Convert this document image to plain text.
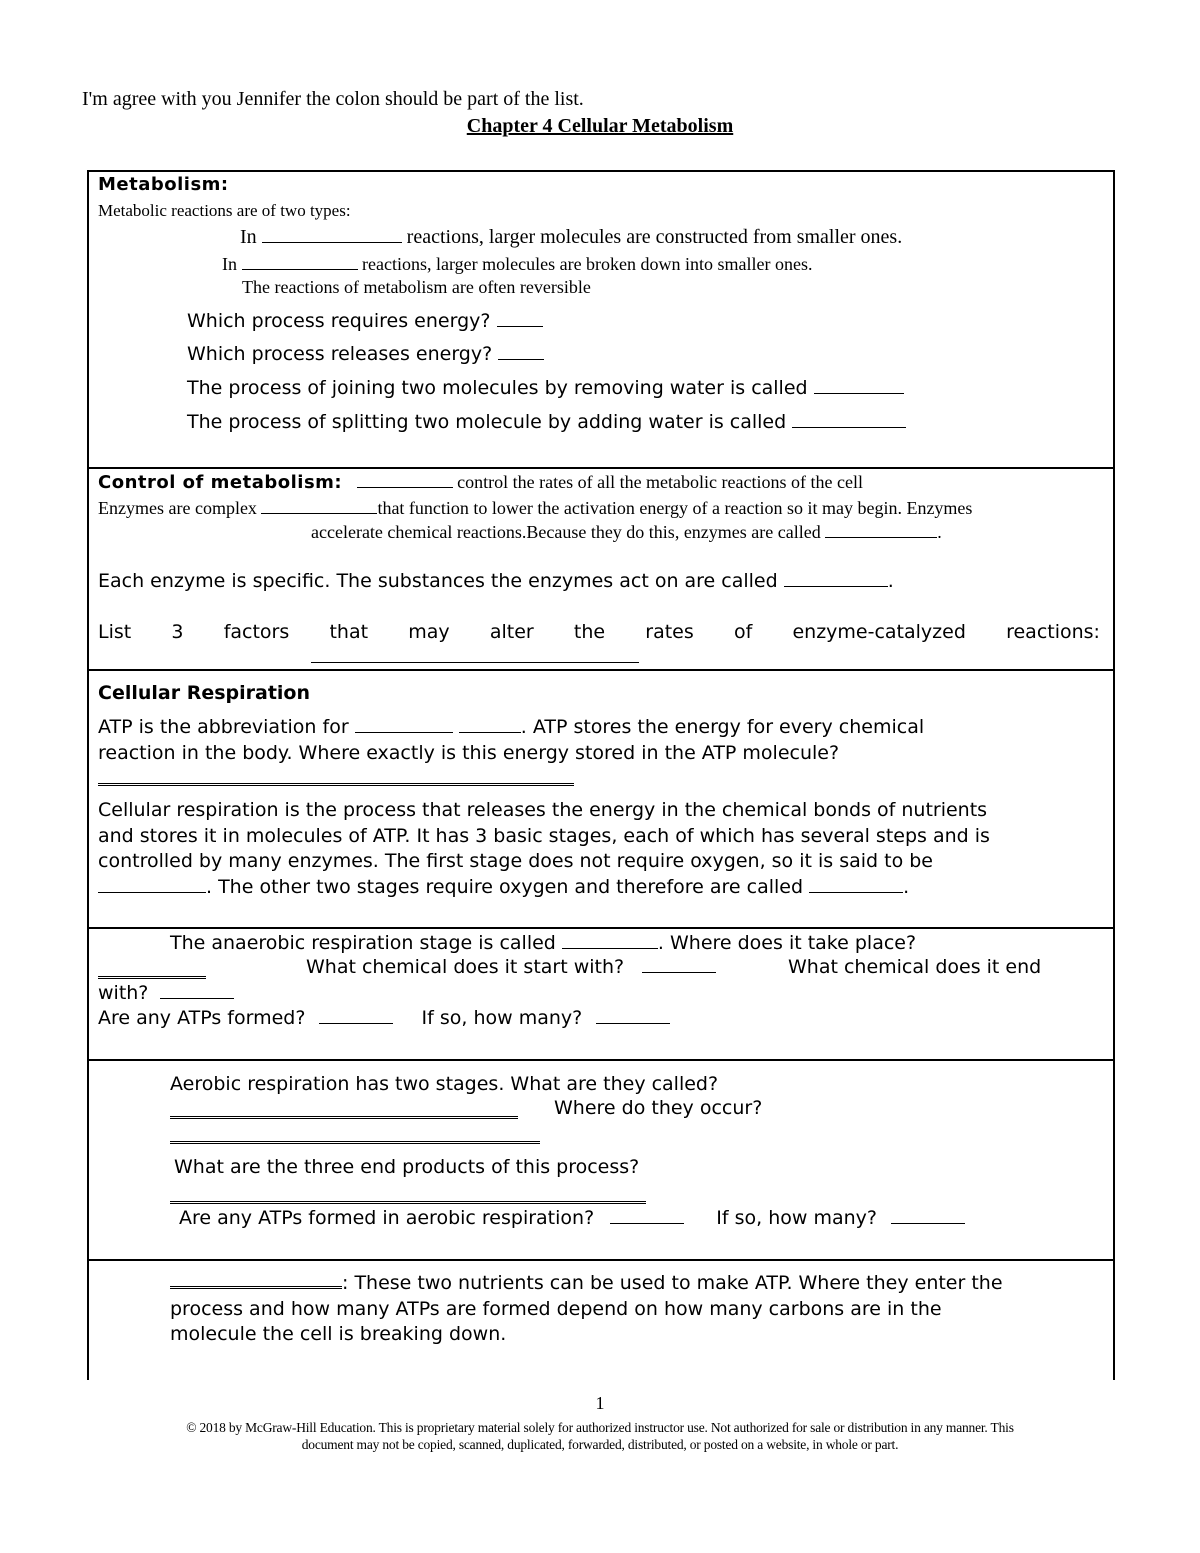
I'm agree with you Jennifer the colon should be part of the list.
Chapter 4 Cellular Metabolism
Metabolism:
Metabolic reactions are of two types:
In	reactions, larger molecules are constructed from smaller ones.
In	reactions, larger molecules are broken down into smaller ones.
The reactions of metabolism are often reversible
Which process requires energy?
Which process releases energy?
The process of joining two molecules by removing water is called
The process of splitting two molecule by adding water is called
Control of metabolism:	control the rates of all the metabolic reactions of the cell
Enzymes are complex	that function to lower the activation energy of a reaction so it may begin. Enzymes
accelerate chemical reactions.Because they do this, enzymes are called	.
Each enzyme is specific. The substances the enzymes act on are called	.
List 3 factors that may alter the rates of enzyme-catalyzed reactions:
Cellular Respiration
ATP is the abbreviation for	. ATP stores the energy for every chemical
reaction in the body. Where exactly is this energy stored in the ATP molecule?
Cellular respiration is the process that releases the energy in the chemical bonds of nutrients
and stores it in molecules of ATP. It has 3 basic stages, each of which has several steps and is
controlled by many enzymes. The first stage does not require oxygen, so it is said to be
. The other two stages require oxygen and therefore are called	.
The anaerobic respiration stage is called	. Where does it take place?
What chemical does it start with?	What chemical does it end
with?
Are any ATPs formed?	If so, how many?
Aerobic respiration has two stages. What are they called?
Where do they occur?
What are the three end products of this process?
Are any ATPs formed in aerobic respiration?	If so, how many?
: These two nutrients can be used to make ATP. Where they enter the
process and how many ATPs are formed depend on how many carbons are in the
molecule the cell is breaking down.
1
© 2018 by McGraw-Hill Education. This is proprietary material solely for authorized instructor use. Not authorized for sale or distribution in any manner. This
document may not be copied, scanned, duplicated, forwarded, distributed, or posted on a website, in whole or part.
